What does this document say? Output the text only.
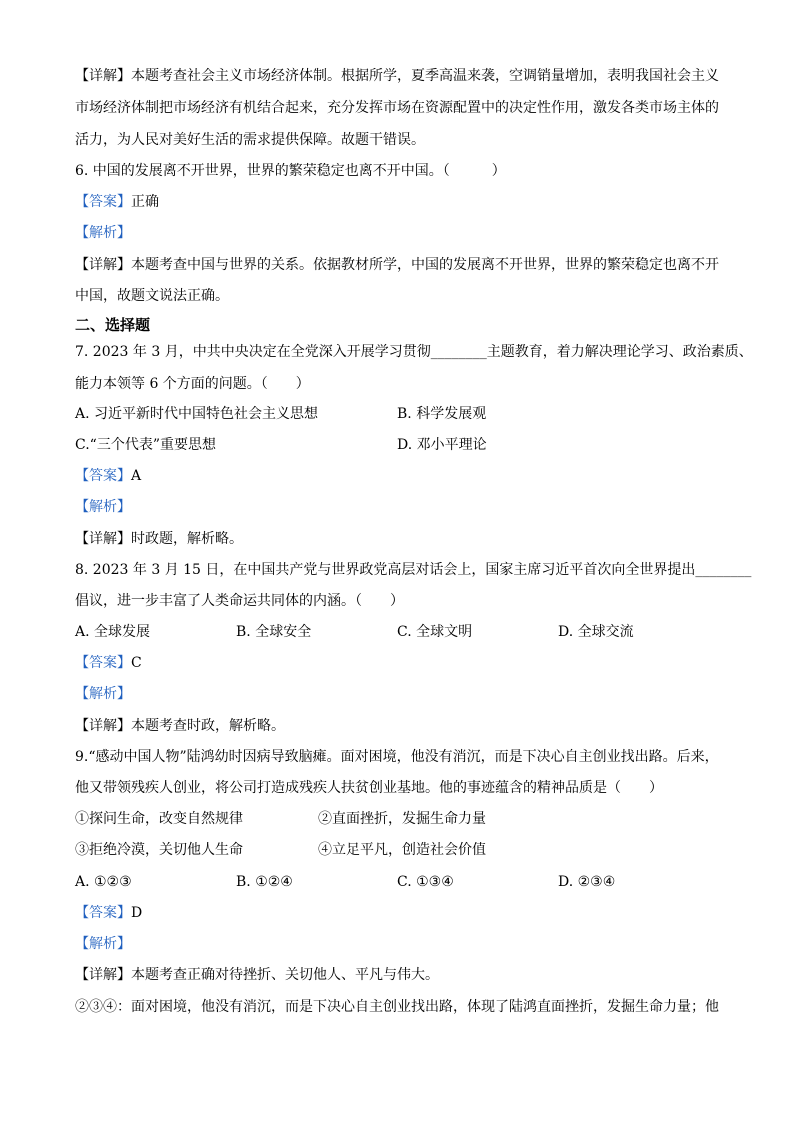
【详解】本题考查社会主义市场经济体制。根据所学，夏季高温来袭，空调销量增加，表明我国社会主义
市场经济体制把市场经济有机结合起来，充分发挥市场在资源配置中的决定性作用，激发各类市场主体的
活力，为人民对美好生活的需求提供保障。故题干错误。
6. 中国的发展离不开世界，世界的繁荣稳定也离不开中国。（　　　）
【答案】正确
【解析】
【详解】本题考查中国与世界的关系。依据教材所学，中国的发展离不开世界，世界的繁荣稳定也离不开
中国，故题文说法正确。
二、选择题
7. 2023 年 3 月，中共中央决定在全党深入开展学习贯彻________主题教育，着力解决理论学习、政治素质、
能力本领等 6 个方面的问题。（　　）
A. 习近平新时代中国特色社会主义思想	B. 科学发展观
C.“三个代表”重要思想	D. 邓小平理论
【答案】A
【解析】
【详解】时政题，解析略。
8. 2023 年 3 月 15 日，在中国共产党与世界政党高层对话会上，国家主席习近平首次向全世界提出________
倡议，进一步丰富了人类命运共同体的内涵。（　　）
A. 全球发展	B. 全球安全	C. 全球文明	D. 全球交流
【答案】C
【解析】
【详解】本题考查时政，解析略。
9.“感动中国人物”陆鸿幼时因病导致脑瘫。面对困境，他没有消沉，而是下决心自主创业找出路。后来，
他又带领残疾人创业，将公司打造成残疾人扶贫创业基地。他的事迹蕴含的精神品质是（　　）
①探问生命，改变自然规律	②直面挫折，发掘生命力量
③拒绝冷漠，关切他人生命	④立足平凡，创造社会价值
A. ①②③	B. ①②④	C. ①③④	D. ②③④
【答案】D
【解析】
【详解】本题考查正确对待挫折、关切他人、平凡与伟大。
②③④：面对困境，他没有消沉，而是下决心自主创业找出路，体现了陆鸿直面挫折，发掘生命力量；他
